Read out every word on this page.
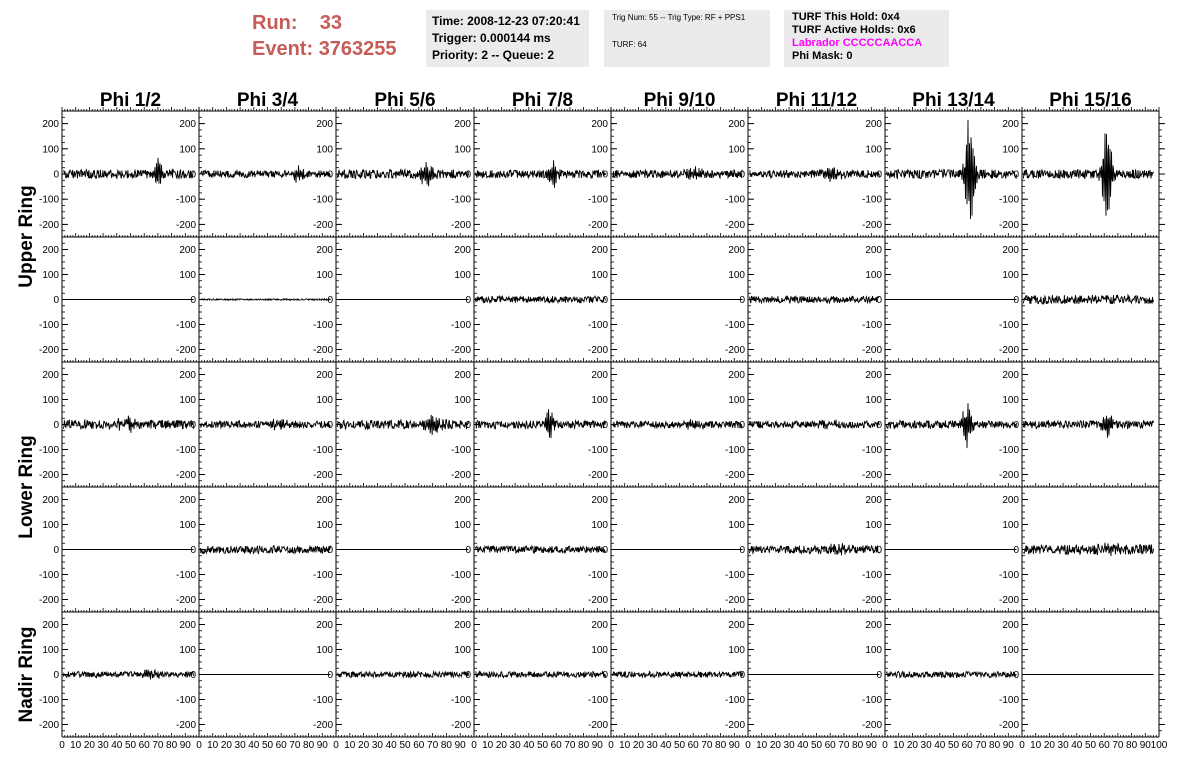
Run: 33
Event: 3763255
Time: 2008-12-23 07:20:41
Trigger: 0.000144 ms
Priority: 2 -- Queue: 2
Trig Num: 55 -- Trig Type: RF + PPS1
TURF: 64
TURF This Hold: 0x4
TURF Active Holds: 0x6
Labrador CCCCCAACCA
Phi Mask: 0
Phi 1/2	Phi 3/4	Phi 5/6	Phi 7/8	Phi 9/10	Phi 11/12	Phi 13/14	Phi 15/16
Upper Ring
Lower Ring
Nadir Ring
-200
-100
0
100
200
-200
-100
0
100
200
-200
-100
0
100
200
-200
-100
0
100
200
-200
-100
0
100
200
-200
-100
0
100
200
-200
-100
0
100
200
-200
-100
0
100
200
-200
-100
0
100
200
-200
-100
0
100
200
-200
-100
0
100
200
-200
-100
0
100
200
-200
-100
0
100
200
-200
-100
0
100
200
-200
-100
0
100
200
-200
-100
0
100
200
-200
-100
0
100
200
-200
-100
0
100
200
-200
-100
0
100
200
-200
-100
0
100
200
-200
-100
0
100
200
-200
-100
0
100
200
-200
-100
0
100
200
-200
-100
0
100
200
-200
-100
0
100
200
-200
-100
0
100
200
-200
-100
0
100
200
-200
-100
0
100
200
-200
-100
0
100
200
-200
-100
0
100
200
-200
-100
0
100
200
-200
-100
0
100
200
-200
-100
0
100
200
-200
-100
0
100
200
-200
-100
0
100
200
-200
-100
0
100
200
-200
-100
0
100
200
-200
-100
0
100
200
-200
-100
0
100
200
-200
-100
0
100
200
0 10 20 30 40 50 60 70 80 90 0 10 20 30 40 50 60 70 80 90 0 10 20 30 40 50 60 70 80 90 0 10 20 30 40 50 60 70 80 90 0 10 20 30 40 50 60 70 80 90 0 10 20 30 40 50 60 70 80 90 0 10 20 30 40 50 60 70 80 90 0 10 20 30 40 50 60 70 80 90 100
